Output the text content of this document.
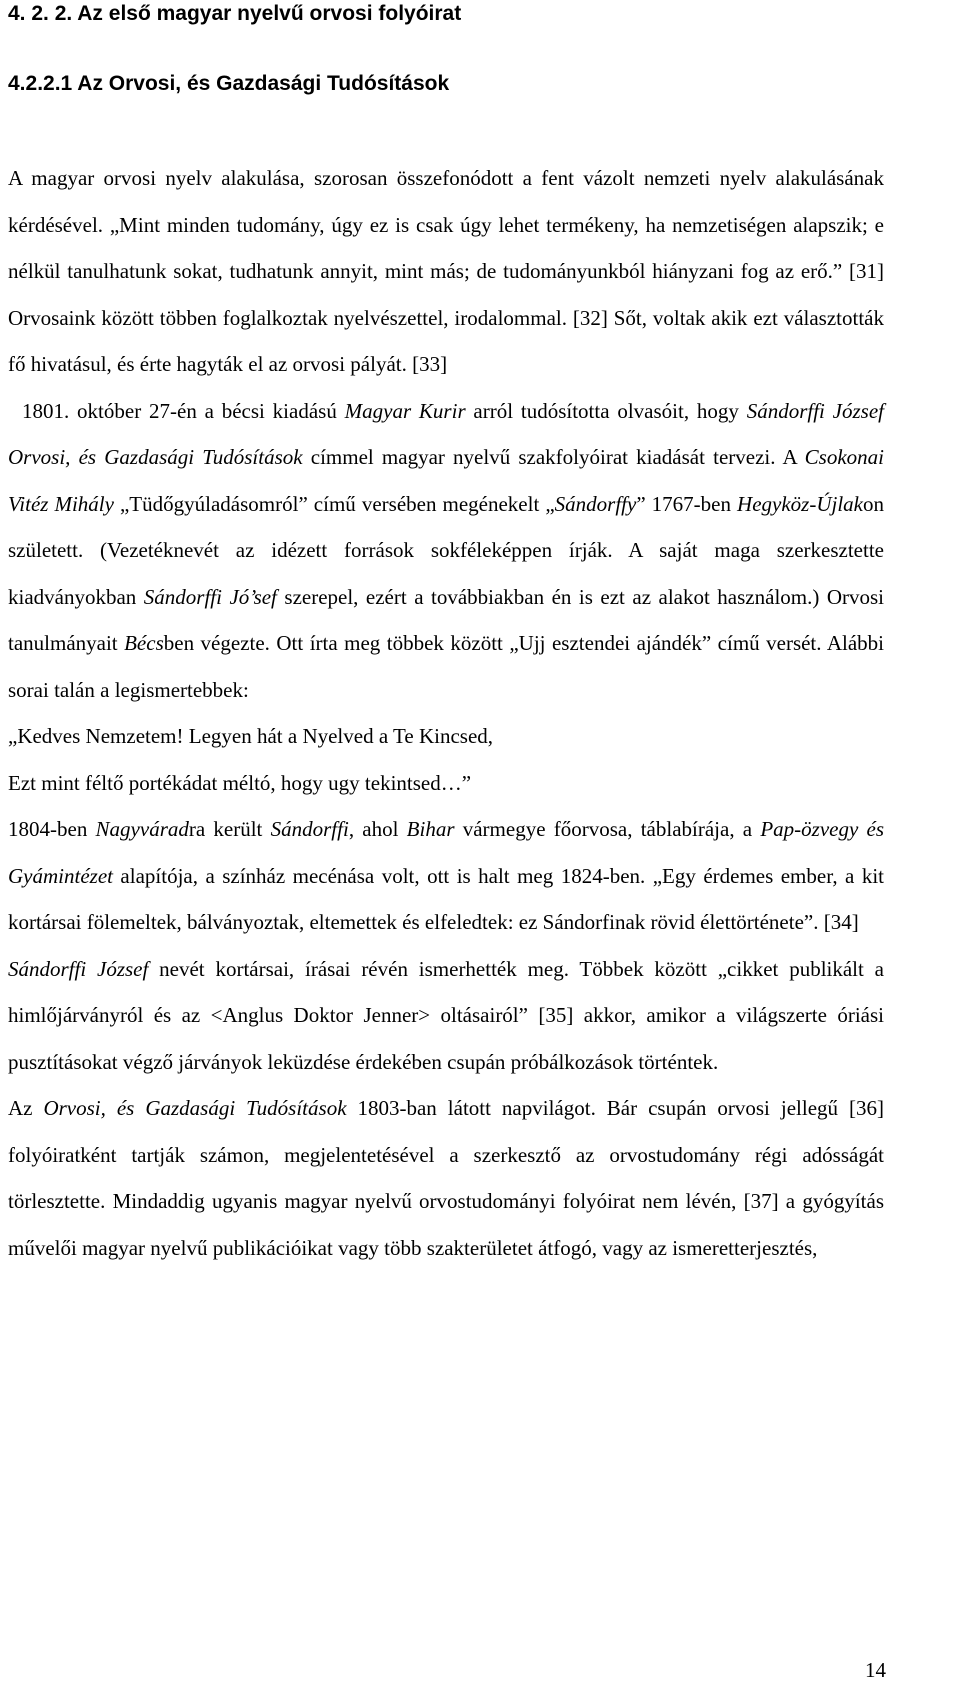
4. 2. 2. Az első magyar nyelvű orvosi folyóirat
4.2.2.1 Az Orvosi, és Gazdasági Tudósítások

A magyar orvosi nyelv alakulása, szorosan összefonódott a fent vázolt nemzeti nyelv alakulásának kérdésével. „Mint minden tudomány, úgy ez is csak úgy lehet termékeny, ha nemzetiségen alapszik; e nélkül tanulhatunk sokat, tudhatunk annyit, mint más; de tudományunkból hiányzani fog az erő.” [31] Orvosaink között többen foglalkoztak nyelvészettel, irodalommal. [32] Sőt, voltak akik ezt választották fő hivatásul, és érte hagyták el az orvosi pályát. [33]

1801. október 27-én a bécsi kiadású Magyar Kurir arról tudósította olvasóit, hogy Sándorffi József Orvosi, és Gazdasági Tudósítások címmel magyar nyelvű szakfolyóirat kiadását tervezi. A Csokonai Vitéz Mihály „Tüdőgyúladásomról” című versében megénekelt „Sándorffy” 1767-ben Hegyköz-Újlakon született. (Vezetéknevét az idézett források sokféleképpen írják. A saját maga szerkesztette kiadványokban Sándorffi Jó’sef szerepel, ezért a továbbiakban én is ezt az alakot használom.) Orvosi tanulmányait Bécsben végezte. Ott írta meg többek között „Ujj esztendei ajándék” című versét. Alábbi sorai talán a legismertebbek:

„Kedves Nemzetem! Legyen hát a Nyelved a Te Kincsed,

Ezt mint féltő portékádat méltó, hogy ugy tekintsed…”

1804-ben Nagyváradra került Sándorffi, ahol Bihar vármegye főorvosa, táblabírája, a Pap-özvegy és Gyámintézet alapítója, a színház mecénása volt, ott is halt meg 1824-ben. „Egy érdemes ember, a kit kortársai fölemeltek, bálványoztak, eltemettek és elfeledtek: ez Sándorfinak rövid élettörténete”. [34]

Sándorffi József nevét kortársai, írásai révén ismerhették meg. Többek között „cikket publikált a himlőjárványról és az <Anglus Doktor Jenner> oltásairól” [35] akkor, amikor a világszerte óriási pusztításokat végző járványok leküzdése érdekében csupán próbálkozások történtek.

Az Orvosi, és Gazdasági Tudósítások 1803-ban látott napvilágot. Bár csupán orvosi jellegű [36] folyóiratként tartják számon, megjelentetésével a szerkesztő az orvostudomány régi adósságát törlesztette. Mindaddig ugyanis magyar nyelvű orvostudományi folyóirat nem lévén, [37] a gyógyítás művelői magyar nyelvű publikációikat vagy több szakterületet átfogó, vagy az ismeretterjesztés,

14
